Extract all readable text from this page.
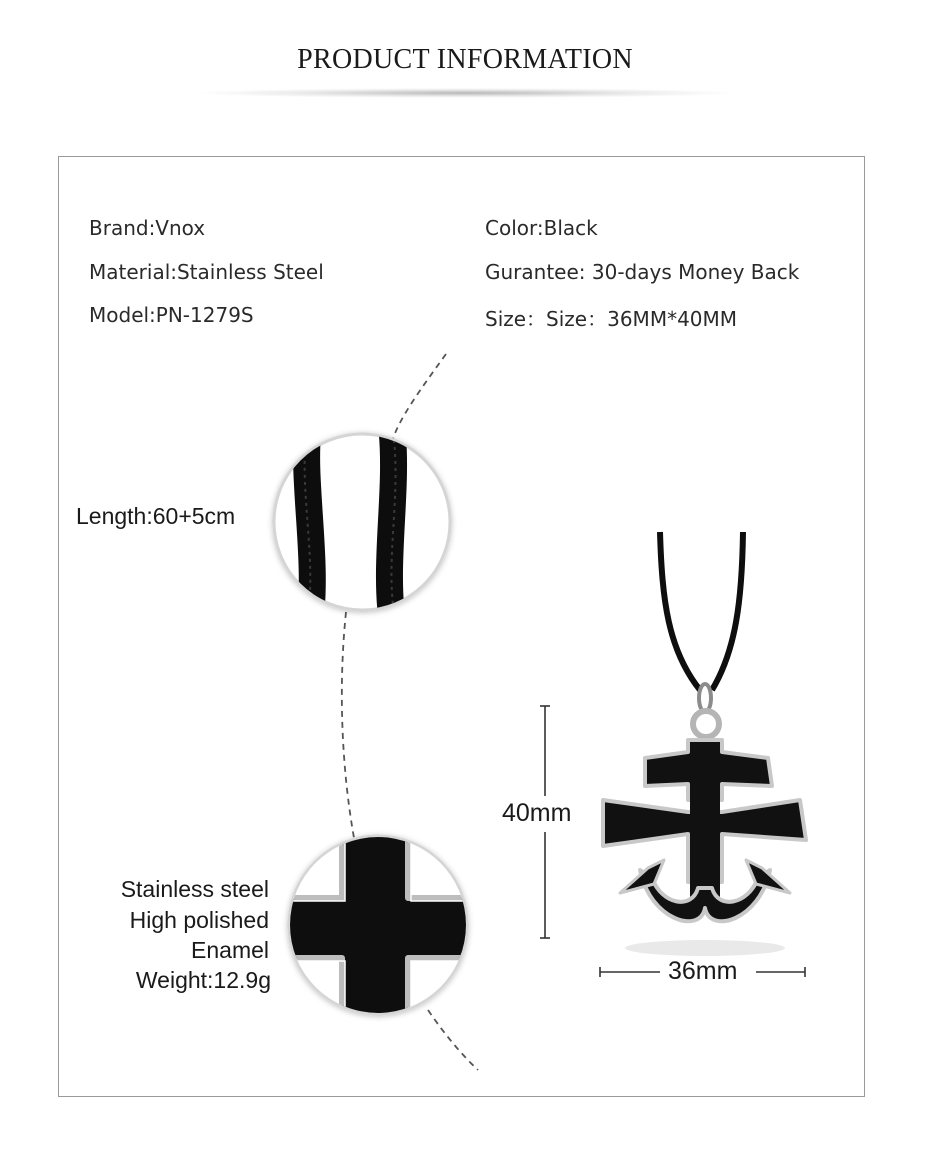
PRODUCT INFORMATION
Brand:Vnox
Material:Stainless Steel
Model:PN-1279S
Color:Black
Gurantee: 30-days Money Back
Size：Size：36MM*40MM
Length:60+5cm
Stainless steel
High polished
Enamel
Weight:12.9g
40mm
36mm
